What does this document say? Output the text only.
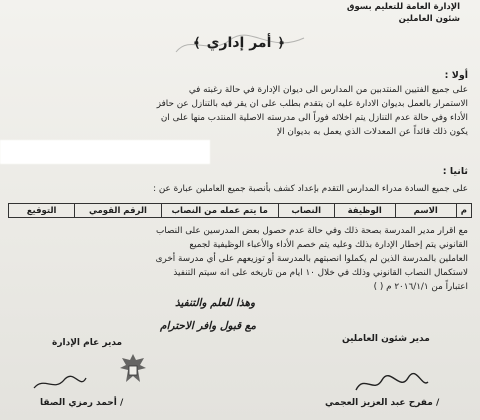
الإدارة العامة للتعليم بسوق
شئون العاملين
﴿
أمر إداري
﴾
أولا :
على جميع الفتيين المنتدبين من المدارس الى ديوان الإدارة في حالة رغبته في
الاستمرار بالعمل بديوان الادارة عليه ان يتقدم بطلب على ان يقر فيه بالتنازل عن حافز
الأداء وفي حالة عدم التنازل يتم اخلائه فوراً الى مدرسته الاصلية المنتدب منها على ان
يكون ذلك قائداً عن المعدلات الذي يعمل به بديوان الإ
ثانيا :
على جميع السادة مدراء المدارس التقدم بإعداد كشف بأنصبة جميع العاملين عبارة عن :
م	الاسم	الوظيفة	النصاب	ما يتم عمله من النصاب	الرقم القومي	التوقيع
مع اقرار مدير المدرسة بصحة ذلك وفي حالة عدم حصول بعض المدرسين على النصاب
القانوني يتم إخطار الإدارة بذلك وعليه يتم خصم الأداء والأعباء الوظيفية لجميع
العاملين بالمدرسة الذين لم يكملوا انصبتهم بالمدرسة أو توزيعهم على أي مدرسة أخرى
لاستكمال النصاب القانوني وذلك في خلال ١٠ ايام من تاريخه على انه سيتم التنفيذ
اعتباراً من ٢٠١٦/١/١ م ( )
وهذا للعلم والتنفيذ
مع قبول وافر الاحترام
مدير عام الإدارة
/ أحمد رمزي الصقا
مدير شئون العاملين
/ مفرح عبد العزيز العجمي
